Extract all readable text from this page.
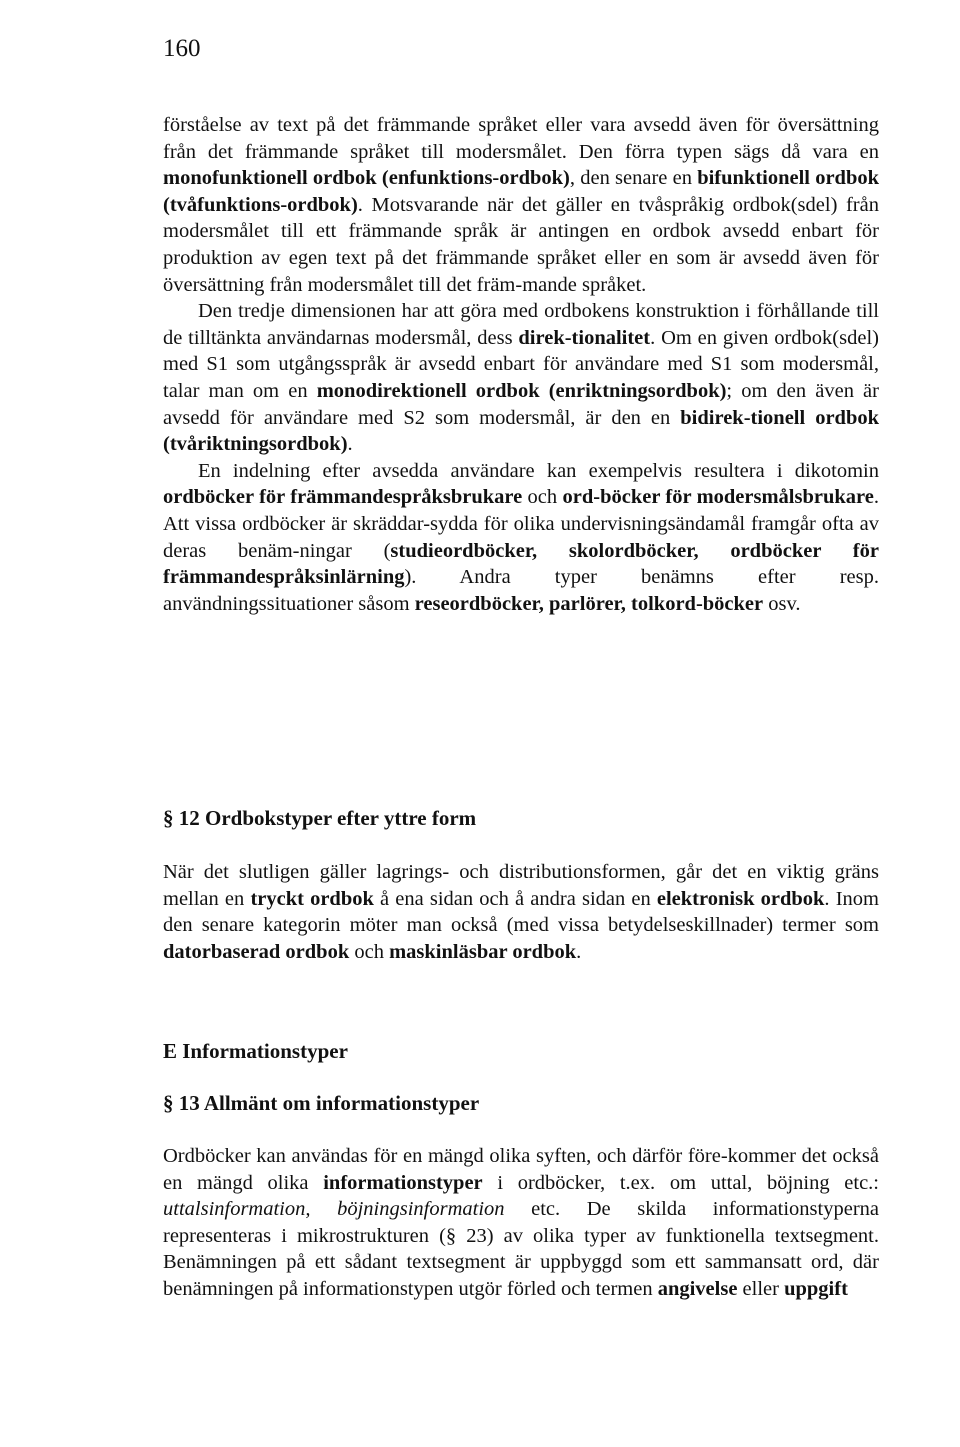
160

förståelse av text på det främmande språket eller vara avsedd även för översättning från det främmande språket till modersmålet. Den förra typen sägs då vara en monofunktionell ordbok (enfunktions-ordbok), den senare en bifunktionell ordbok (tvåfunktions-ordbok). Motsvarande när det gäller en tvåspråkig ordbok(sdel) från modersmålet till ett främmande språk är antingen en ordbok avsedd enbart för produktion av egen text på det främmande språket eller en som är avsedd även för översättning från modersmålet till det främ-mande språket.

Den tredje dimensionen har att göra med ordbokens konstruktion i förhållande till de tilltänkta användarnas modersmål, dess direk-tionalitet. Om en given ordbok(sdel) med S1 som utgångsspråk är avsedd enbart för användare med S1 som modersmål, talar man om en monodirektionell ordbok (enriktningsordbok); om den även är avsedd för användare med S2 som modersmål, är den en bidirek-tionell ordbok (tvåriktningsordbok).

En indelning efter avsedda användare kan exempelvis resultera i dikotomin ordböcker för främmandespråksbrukare och ord-böcker för modersmålsbrukare. Att vissa ordböcker är skräddar-sydda för olika undervisningsändamål framgår ofta av deras benäm-ningar (studieordböcker, skolordböcker, ordböcker för främmandespråksinlärning). Andra typer benämns efter resp. användningssituationer såsom reseordböcker, parlörer, tolkord-böcker osv.

§ 12 Ordbokstyper efter yttre form

När det slutligen gäller lagrings- och distributionsformen, går det en viktig gräns mellan en tryckt ordbok å ena sidan och å andra sidan en elektronisk ordbok. Inom den senare kategorin möter man också (med vissa betydelseskillnader) termer som datorbaserad ordbok och maskinläsbar ordbok.

E Informationstyper
§ 13 Allmänt om informationstyper

Ordböcker kan användas för en mängd olika syften, och därför före-kommer det också en mängd olika informationstyper i ordböcker, t.ex. om uttal, böjning etc.: uttalsinformation, böjningsinformation etc. De skilda informationstyperna representeras i mikrostrukturen (§ 23) av olika typer av funktionella textsegment. Benämningen på ett sådant textsegment är uppbyggd som ett sammansatt ord, där benämningen på informationstypen utgör förled och termen angivelse eller uppgift
